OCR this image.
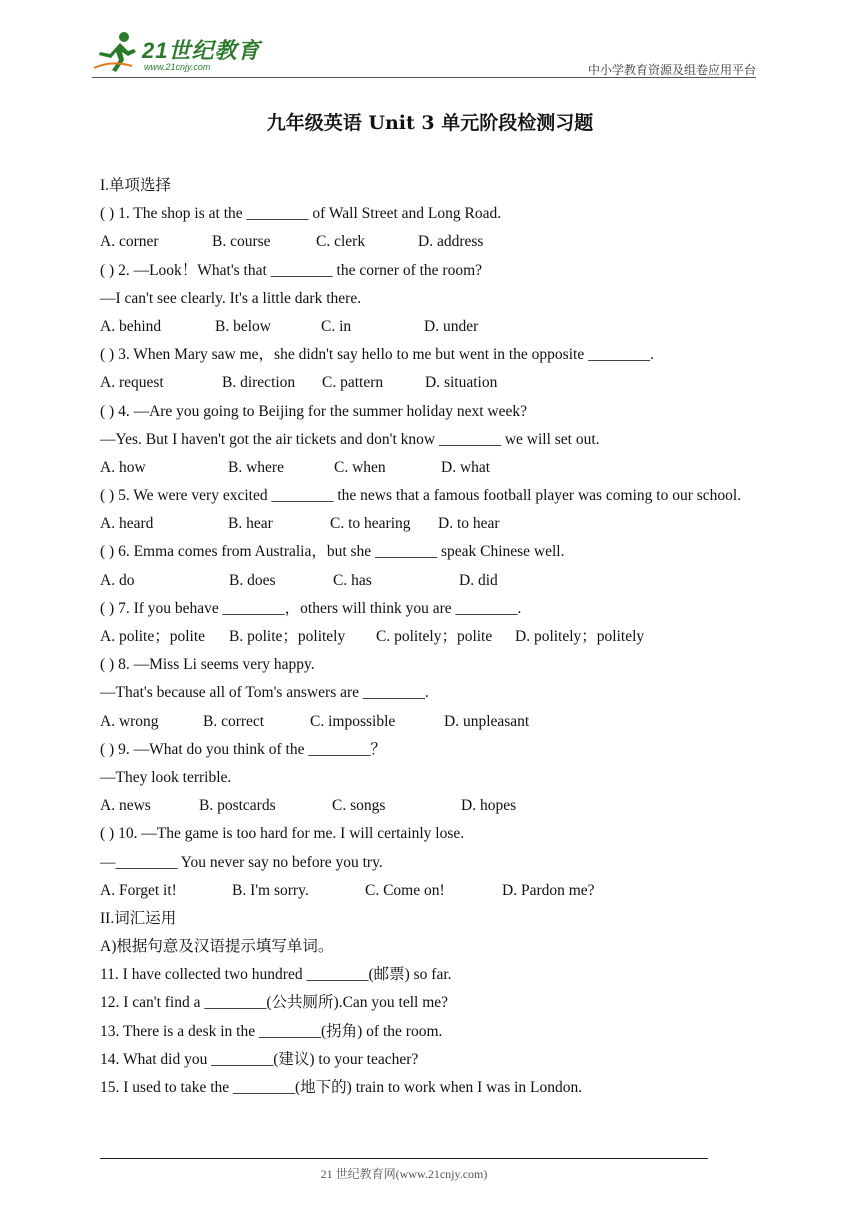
21世纪教育
www.21cnjy.com	中小学教育资源及组卷应用平台
九年级英语 Unit 3 单元阶段检测习题
I.单项选择
( ) 1. The shop is at the ________ of Wall Street and Long Road.
A. corner	B. course	C. clerk	D. address
( ) 2. —Look！What's that ________ the corner of the room?
—I can't see clearly. It's a little dark there.
A. behind	B. below	C. in	D. under
( ) 3. When Mary saw me，she didn't say hello to me but went in the opposite ________.
A. request	B. direction	C. pattern	D. situation
( ) 4. —Are you going to Beijing for the summer holiday next week?
—Yes. But I haven't got the air tickets and don't know ________ we will set out.
A. how	B. where	C. when	D. what
( ) 5. We were very excited ________ the news that a famous football player was coming to our school.
A. heard	B. hear	C. to hearing	D. to hear
( ) 6. Emma comes from Australia，but she ________ speak Chinese well.
A. do	B. does	C. has	D. did
( ) 7. If you behave ________，others will think you are ________.
A. polite；polite	B. polite；politely	C. politely；polite	D. politely；politely
( ) 8. —Miss Li seems very happy.
—That's because all of Tom's answers are ________.
A. wrong	B. correct	C. impossible	D. unpleasant
( ) 9. —What do you think of the ________？
—They look terrible.
A. news	B. postcards	C. songs	D. hopes
( ) 10. —The game is too hard for me. I will certainly lose.
—________ You never say no before you try.
A. Forget it!	B. I'm sorry.	C. Come on!	D. Pardon me?
II.词汇运用
A)根据句意及汉语提示填写单词。
11. I have collected two hundred ________(邮票) so far.
12. I can't find a ________(公共厕所).Can you tell me?
13. There is a desk in the ________(拐角) of the room.
14. What did you ________(建议) to your teacher?
15. I used to take the ________(地下的) train to work when I was in London.
21 世纪教育网(www.21cnjy.com)
